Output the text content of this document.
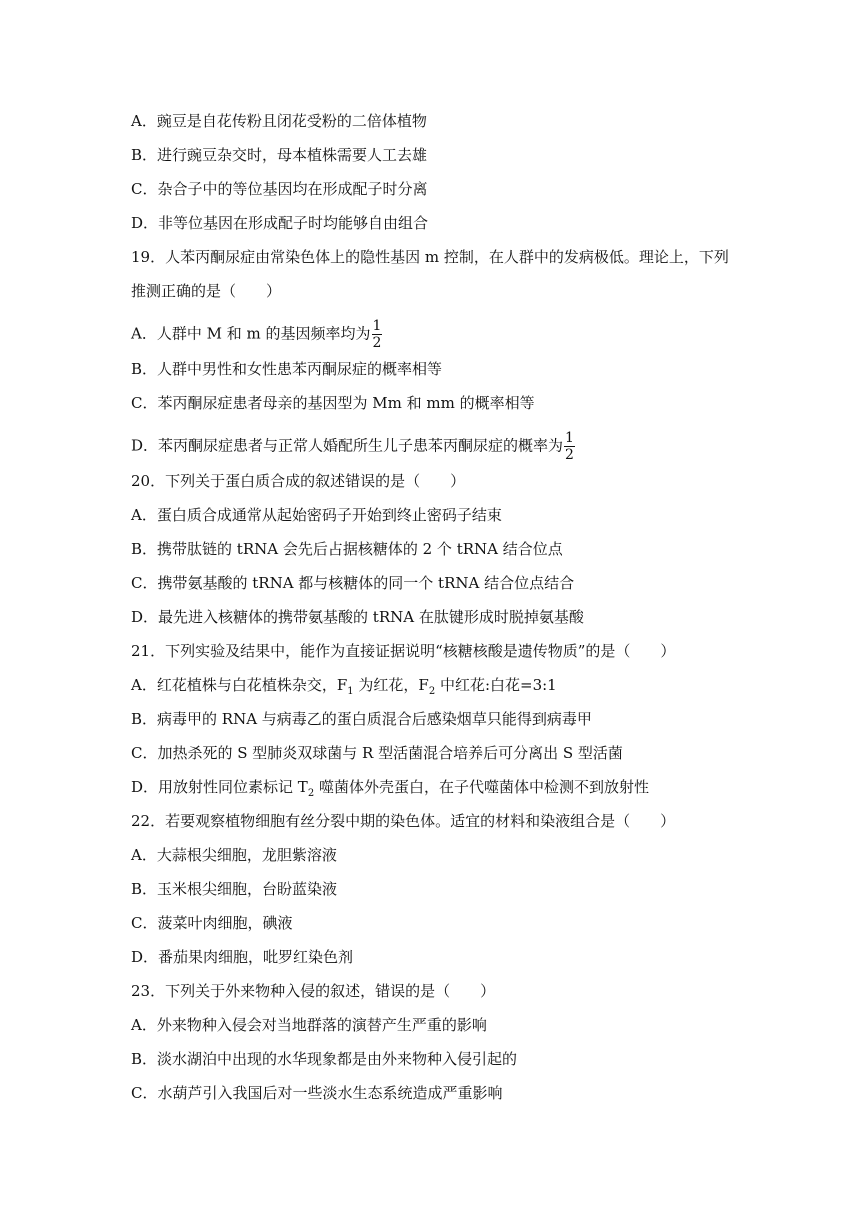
A．豌豆是自花传粉且闭花受粉的二倍体植物
B．进行豌豆杂交时，母本植株需要人工去雄
C．杂合子中的等位基因均在形成配子时分离
D．非等位基因在形成配子时均能够自由组合
19．人苯丙酮尿症由常染色体上的隐性基因 m 控制，在人群中的发病极低。理论上，下列
推测正确的是（　　）
A．人群中 M 和 m 的基因频率均为 $\frac{1}{2}$
B．人群中男性和女性患苯丙酮尿症的概率相等
C．苯丙酮尿症患者母亲的基因型为 Mm 和 mm 的概率相等
D．苯丙酮尿症患者与正常人婚配所生儿子患苯丙酮尿症的概率为 $\frac{1}{2}$
20．下列关于蛋白质合成的叙述错误的是（　　）
A．蛋白质合成通常从起始密码子开始到终止密码子结束
B．携带肽链的 tRNA 会先后占据核糖体的 2 个 tRNA 结合位点
C．携带氨基酸的 tRNA 都与核糖体的同一个 tRNA 结合位点结合
D．最先进入核糖体的携带氨基酸的 tRNA 在肽键形成时脱掉氨基酸
21．下列实验及结果中，能作为直接证据说明“核糖核酸是遗传物质”的是（　　）
A．红花植株与白花植株杂交，$F_1$ 为红花，$F_2$ 中红花:白花=3:1
B．病毒甲的 RNA 与病毒乙的蛋白质混合后感染烟草只能得到病毒甲
C．加热杀死的 S 型肺炎双球菌与 R 型活菌混合培养后可分离出 S 型活菌
D．用放射性同位素标记 $T_2$ 噬菌体外壳蛋白，在子代噬菌体中检测不到放射性
22．若要观察植物细胞有丝分裂中期的染色体。适宜的材料和染液组合是（　　）
A．大蒜根尖细胞，龙胆紫溶液
B．玉米根尖细胞，台盼蓝染液
C．菠菜叶肉细胞，碘液
D．番茄果肉细胞，吡罗红染色剂
23．下列关于外来物种入侵的叙述，错误的是（　　）
A．外来物种入侵会对当地群落的演替产生严重的影响
B．淡水湖泊中出现的水华现象都是由外来物种入侵引起的
C．水葫芦引入我国后对一些淡水生态系统造成严重影响
